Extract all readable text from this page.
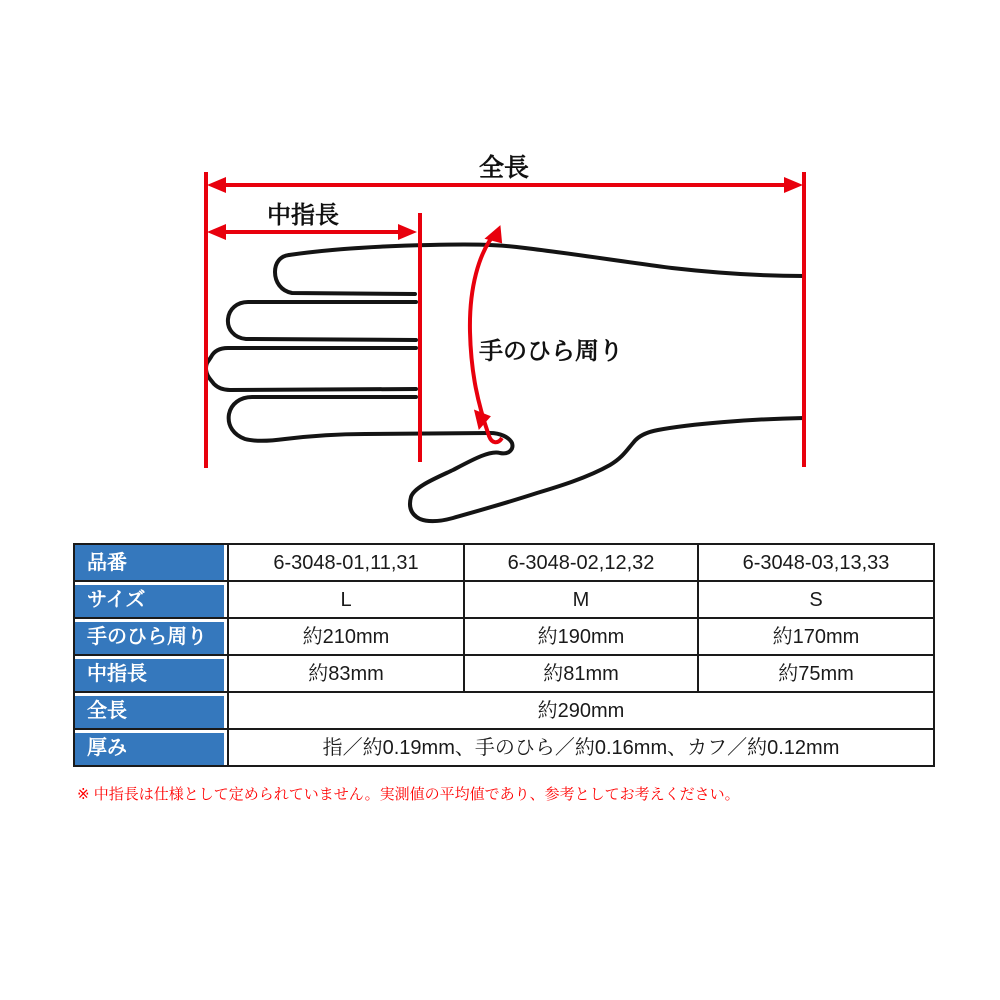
全長
中指長
手のひら周り
品番	6-3048-01,11,31	6-3048-02,12,32	6-3048-03,13,33
サイズ	L	M	S
手のひら周り	約210mm	約190mm	約170mm
中指長	約83mm	約81mm	約75mm
全長	約290mm		
厚み	指／約0.19mm、手のひら／約0.16mm、カフ／約0.12mm		
※ 中指長は仕様として定められていません。実測値の平均値であり、参考としてお考えください。
